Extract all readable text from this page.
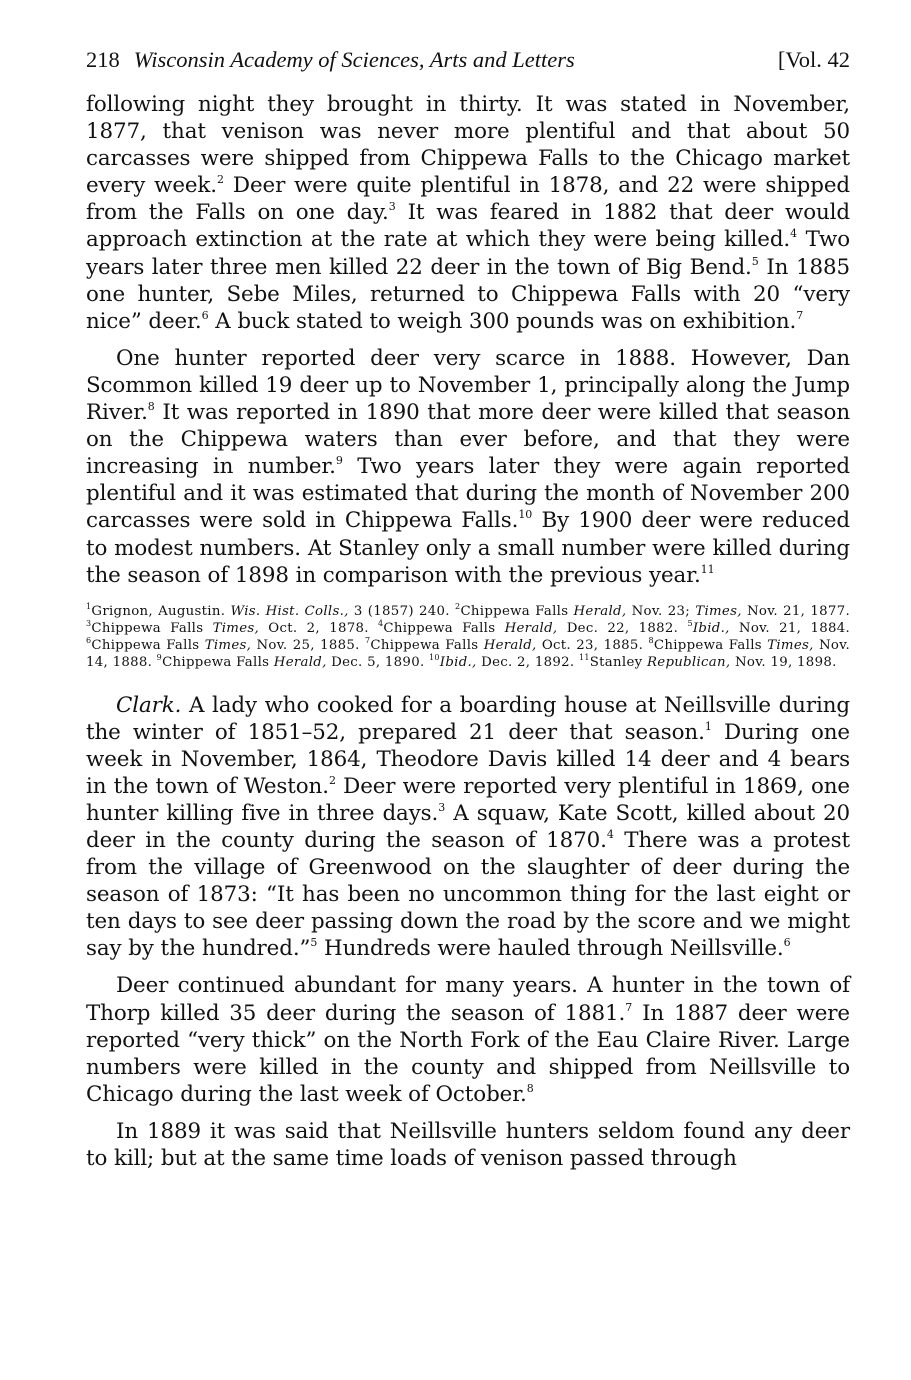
218 Wisconsin Academy of Sciences, Arts and Letters	[Vol. 42

following night they brought in thirty. It was stated in November, 1877, that venison was never more plentiful and that about 50 carcasses were shipped from Chippewa Falls to the Chicago market every week.$^2$ Deer were quite plentiful in 1878, and 22 were shipped from the Falls on one day.$^3$ It was feared in 1882 that deer would approach extinction at the rate at which they were being killed.$^4$ Two years later three men killed 22 deer in the town of Big Bend.$^5$ In 1885 one hunter, Sebe Miles, returned to Chippewa Falls with 20 “very nice” deer.$^6$ A buck stated to weigh 300 pounds was on exhibition.$^7$

One hunter reported deer very scarce in 1888. However, Dan Scommon killed 19 deer up to November 1, principally along the Jump River.$^8$ It was reported in 1890 that more deer were killed that season on the Chippewa waters than ever before, and that they were increasing in number.$^9$ Two years later they were again reported plentiful and it was estimated that during the month of November 200 carcasses were sold in Chippewa Falls.$^{10}$ By 1900 deer were reduced to modest numbers. At Stanley only a small number were killed during the season of 1898 in comparison with the previous year.$^{11}$

$^1$Grignon, Augustin. Wis. Hist. Colls., 3 (1857) 240. $^2$Chippewa Falls Herald, Nov. 23; Times, Nov. 21, 1877. $^3$Chippewa Falls Times, Oct. 2, 1878. $^4$Chippewa Falls Herald, Dec. 22, 1882. $^5$Ibid., Nov. 21, 1884. $^6$Chippewa Falls Times, Nov. 25, 1885. $^7$Chippewa Falls Herald, Oct. 23, 1885. $^8$Chippewa Falls Times, Nov. 14, 1888. $^9$Chippewa Falls Herald, Dec. 5, 1890. $^{10}$Ibid., Dec. 2, 1892. $^{11}$Stanley Republican, Nov. 19, 1898.

Clark. A lady who cooked for a boarding house at Neillsville during the winter of 1851–52, prepared 21 deer that season.$^1$ During one week in November, 1864, Theodore Davis killed 14 deer and 4 bears in the town of Weston.$^2$ Deer were reported very plentiful in 1869, one hunter killing five in three days.$^3$ A squaw, Kate Scott, killed about 20 deer in the county during the season of 1870.$^4$ There was a protest from the village of Greenwood on the slaughter of deer during the season of 1873: “It has been no uncommon thing for the last eight or ten days to see deer passing down the road by the score and we might say by the hundred.”$^5$ Hundreds were hauled through Neillsville.$^6$

Deer continued abundant for many years. A hunter in the town of Thorp killed 35 deer during the season of 1881.$^7$ In 1887 deer were reported “very thick” on the North Fork of the Eau Claire River. Large numbers were killed in the county and shipped from Neillsville to Chicago during the last week of October.$^8$

In 1889 it was said that Neillsville hunters seldom found any deer to kill; but at the same time loads of venison passed through
